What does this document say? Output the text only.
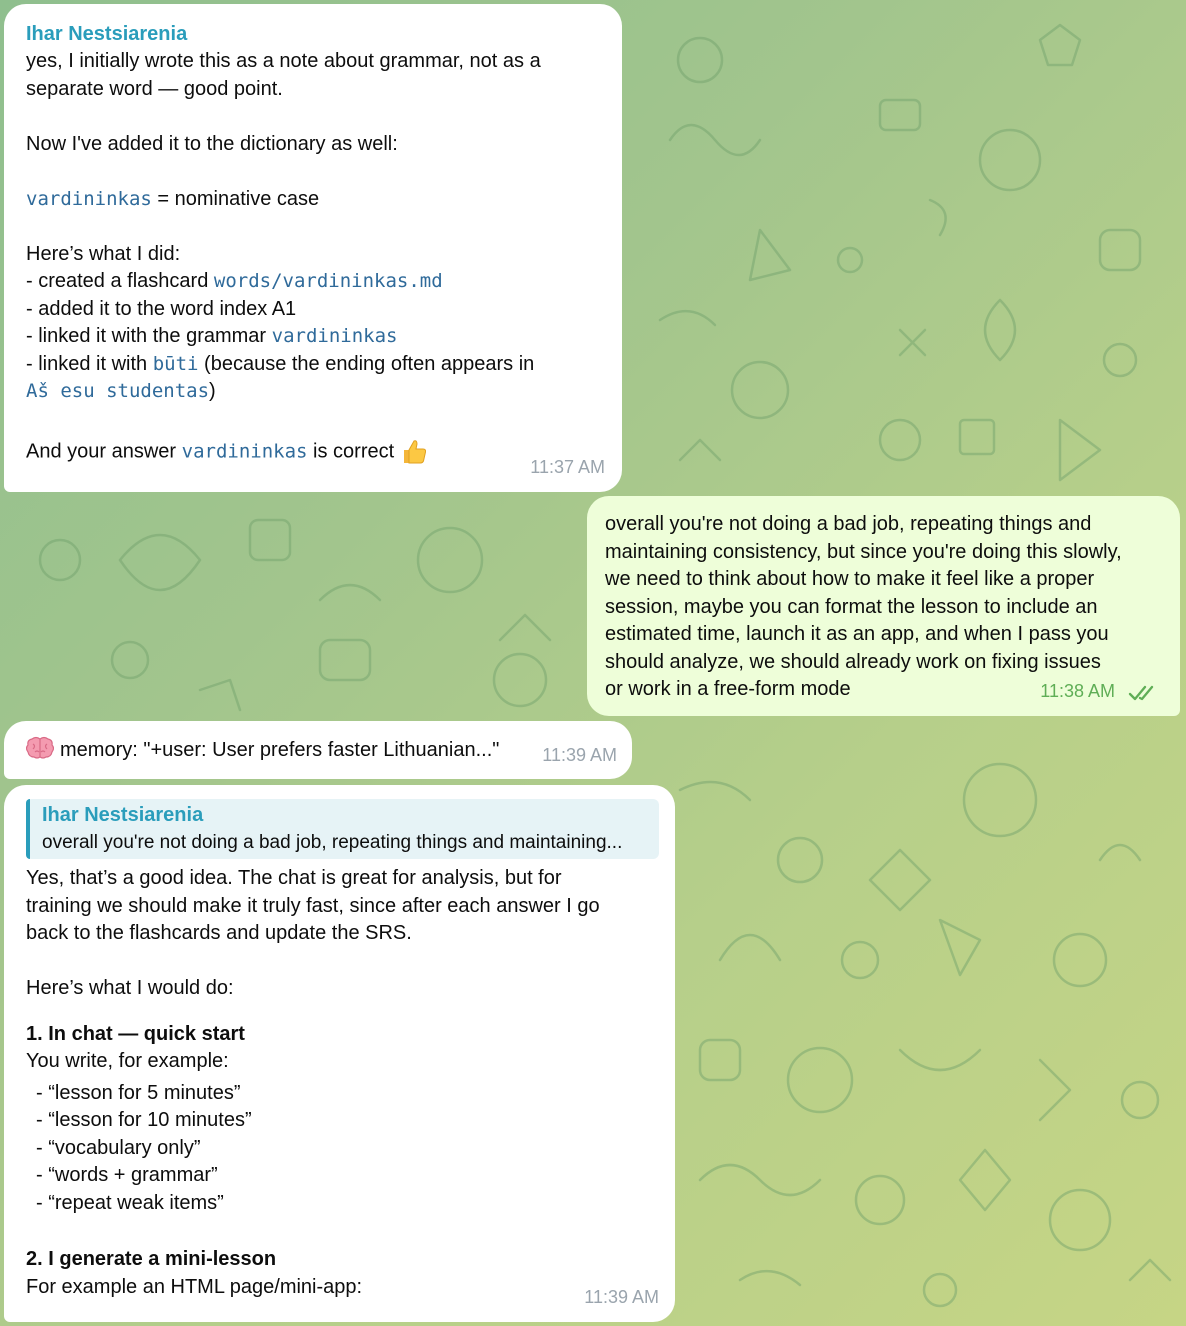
Ihar Nestsiarenia
yes, I initially wrote this as a note about grammar, not as a
separate word — good point.
Now I've added it to the dictionary as well:
vardininkas = nominative case
Here’s what I did:
- created a flashcard words/vardininkas.md
- added it to the word index A1
- linked it with the grammar vardininkas
- linked it with būti (because the ending often appears in
Aš esu studentas)
And your answer vardininkas is correct
11:37 AM
overall you're not doing a bad job, repeating things and
maintaining consistency, but since you're doing this slowly,
we need to think about how to make it feel like a proper
session, maybe you can format the lesson to include an
estimated time, launch it as an app, and when I pass you
should analyze, we should already work on fixing issues
or work in a free-form mode	11:38 AM
memory: "+user: User prefers faster Lithuanian..."	11:39 AM
Ihar Nestsiarenia
overall you're not doing a bad job, repeating things and maintaining...
Yes, that’s a good idea. The chat is great for analysis, but for
training we should make it truly fast, since after each answer I go
back to the flashcards and update the SRS.
Here’s what I would do:
1. In chat — quick start
You write, for example:
- “lesson for 5 minutes”
- “lesson for 10 minutes”
- “vocabulary only”
- “words + grammar”
- “repeat weak items”
2. I generate a mini-lesson
For example an HTML page/mini-app:	11:39 AM
